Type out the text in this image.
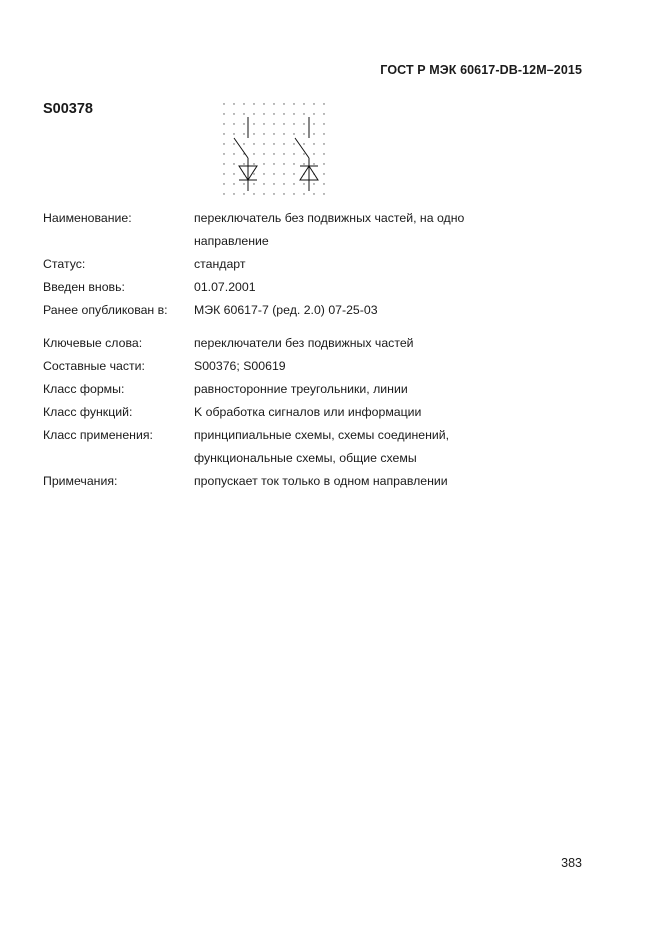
ГОСТ Р МЭК 60617-DB-12M–2015
S00378
Наименование:	переключатель без подвижных частей, на одно
	направление
Статус:	стандарт
Введен вновь:	01.07.2001
Ранее опубликован в:	МЭК 60617-7 (ред. 2.0) 07-25-03

Ключевые слова:	переключатели без подвижных частей
Составные части:	S00376; S00619
Класс формы:	равносторонние треугольники, линии
Класс функций:	K обработка сигналов или информации
Класс применения:	принципиальные схемы, схемы соединений,
	функциональные схемы, общие схемы
Примечания:	пропускает ток только в одном направлении
383
